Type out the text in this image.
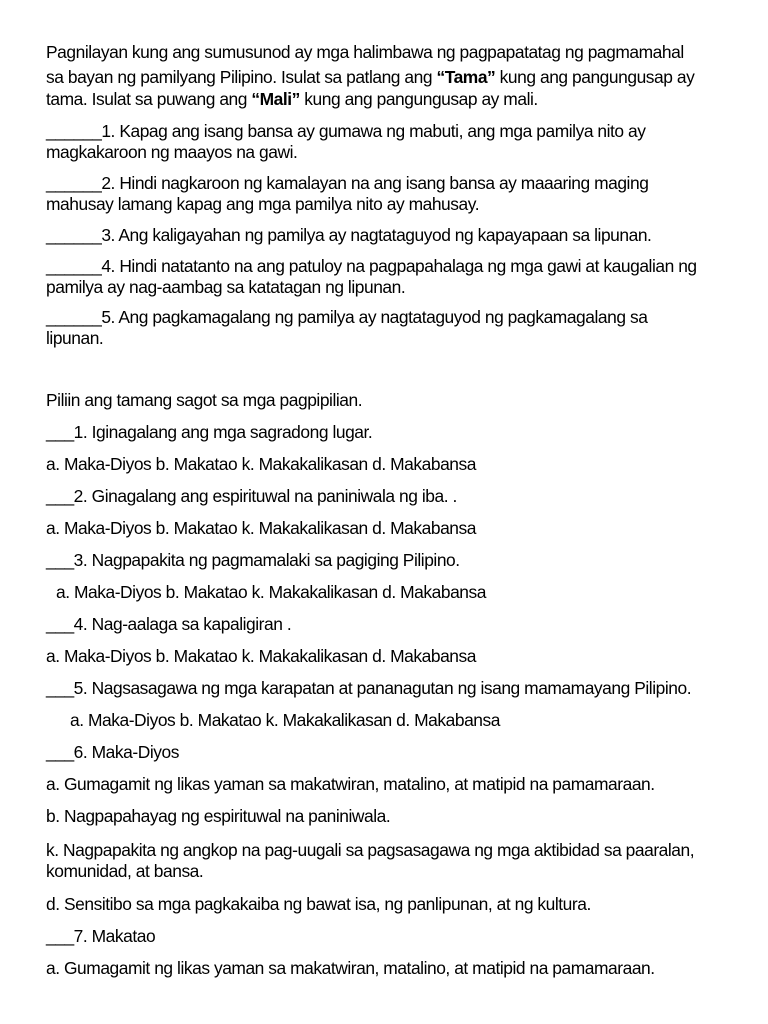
Pagnilayan kung ang sumusunod ay mga halimbawa ng pagpapatatag ng pagmamahal
sa bayan ng pamilyang Pilipino. Isulat sa patlang ang “Tama” kung ang pangungusap ay
tama. Isulat sa puwang ang “Mali” kung ang pangungusap ay mali.
______1. Kapag ang isang bansa ay gumawa ng mabuti, ang mga pamilya nito ay
magkakaroon ng maayos na gawi.
______2. Hindi nagkaroon ng kamalayan na ang isang bansa ay maaaring maging
mahusay lamang kapag ang mga pamilya nito ay mahusay.
______3. Ang kaligayahan ng pamilya ay nagtataguyod ng kapayapaan sa lipunan.
______4. Hindi natatanto na ang patuloy na pagpapahalaga ng mga gawi at kaugalian ng
pamilya ay nag-aambag sa katatagan ng lipunan.
______5. Ang pagkamagalang ng pamilya ay nagtataguyod ng pagkamagalang sa
lipunan.
Piliin ang tamang sagot sa mga pagpipilian.
___1. Iginagalang ang mga sagradong lugar.
a. Maka-Diyos b. Makatao k. Makakalikasan d. Makabansa
___2. Ginagalang ang espirituwal na paniniwala ng iba. .
a. Maka-Diyos b. Makatao k. Makakalikasan d. Makabansa
___3. Nagpapakita ng pagmamalaki sa pagiging Pilipino.
a. Maka-Diyos b. Makatao k. Makakalikasan d. Makabansa
___4. Nag-aalaga sa kapaligiran .
a. Maka-Diyos b. Makatao k. Makakalikasan d. Makabansa
___5. Nagsasagawa ng mga karapatan at pananagutan ng isang mamamayang Pilipino.
a. Maka-Diyos b. Makatao k. Makakalikasan d. Makabansa
___6. Maka-Diyos
a. Gumagamit ng likas yaman sa makatwiran, matalino, at matipid na pamamaraan.
b. Nagpapahayag ng espirituwal na paniniwala.
k. Nagpapakita ng angkop na pag-uugali sa pagsasagawa ng mga aktibidad sa paaralan,
komunidad, at bansa.
d. Sensitibo sa mga pagkakaiba ng bawat isa, ng panlipunan, at ng kultura.
___7. Makatao
a. Gumagamit ng likas yaman sa makatwiran, matalino, at matipid na pamamaraan.
